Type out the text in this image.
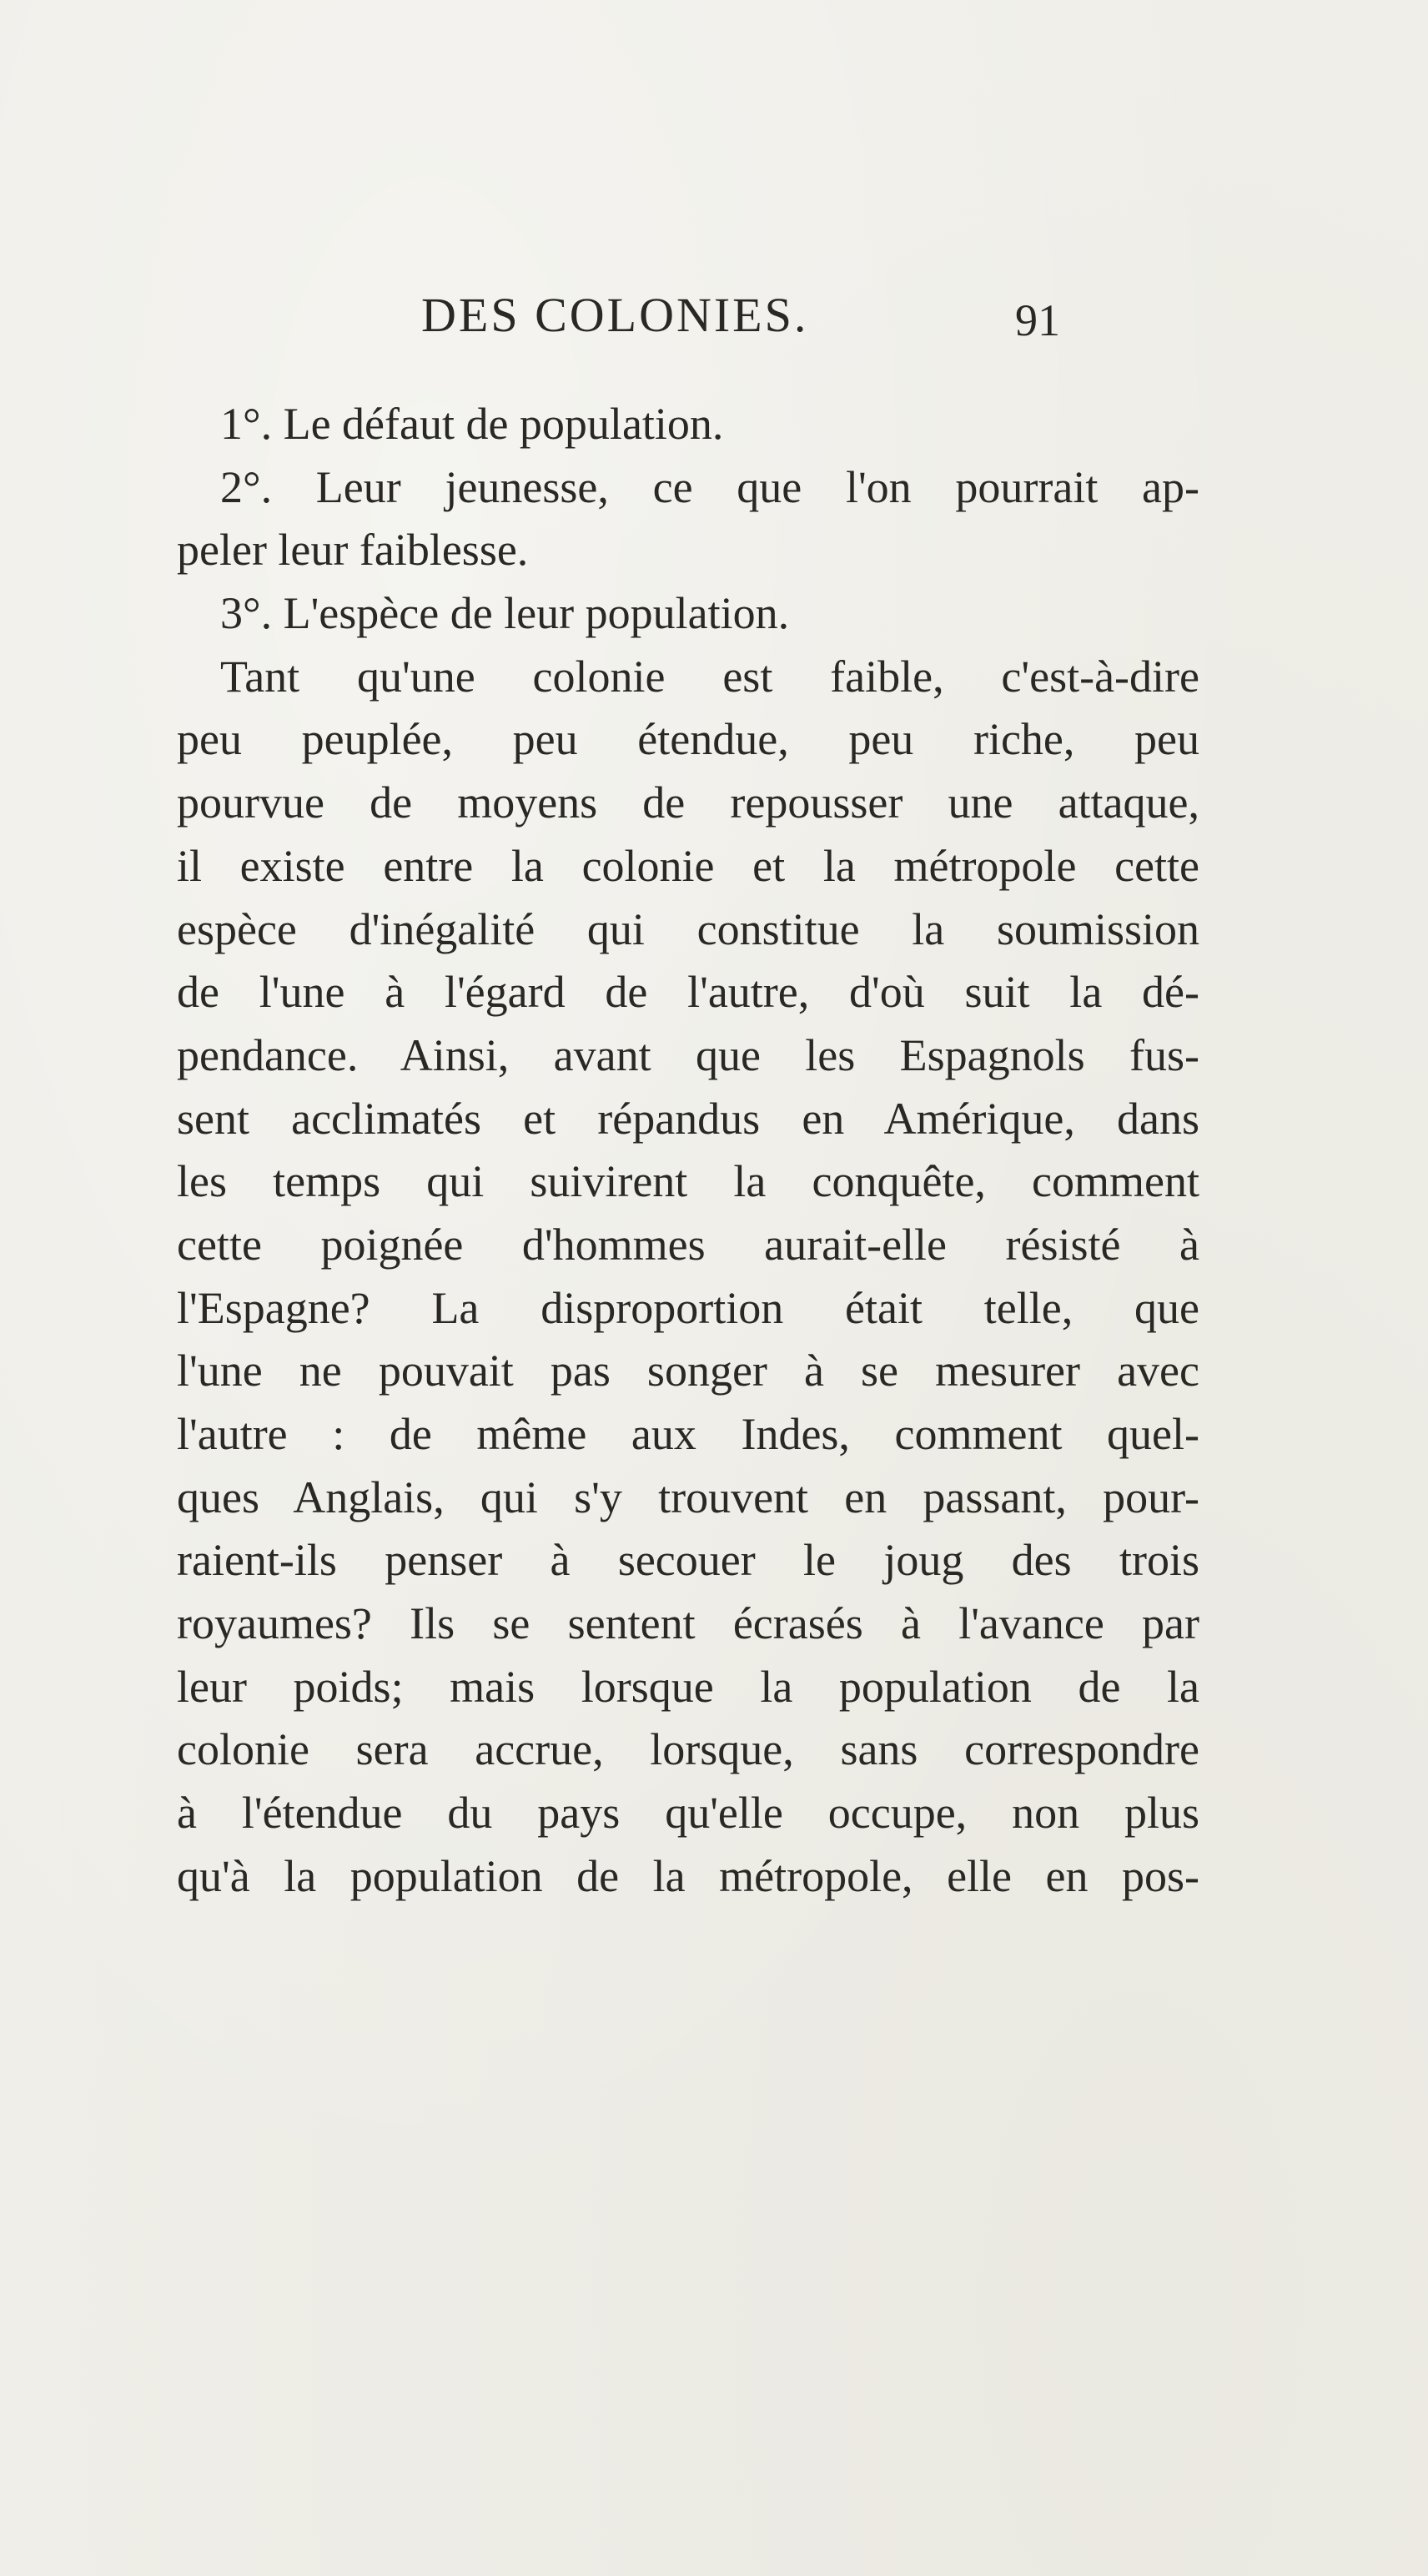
DES COLONIES.	91
1°. Le défaut de population.
2°. Leur jeunesse, ce que l'on pourrait ap-
peler leur faiblesse.
3°. L'espèce de leur population.
Tant qu'une colonie est faible, c'est-à-dire
peu peuplée, peu étendue, peu riche, peu
pourvue de moyens de repousser une attaque,
il existe entre la colonie et la métropole cette
espèce d'inégalité qui constitue la soumission
de l'une à l'égard de l'autre, d'où suit la dé-
pendance. Ainsi, avant que les Espagnols fus-
sent acclimatés et répandus en Amérique, dans
les temps qui suivirent la conquête, comment
cette poignée d'hommes aurait-elle résisté à
l'Espagne? La disproportion était telle, que
l'une ne pouvait pas songer à se mesurer avec
l'autre : de même aux Indes, comment quel-
ques Anglais, qui s'y trouvent en passant, pour-
raient-ils penser à secouer le joug des trois
royaumes? Ils se sentent écrasés à l'avance par
leur poids; mais lorsque la population de la
colonie sera accrue, lorsque, sans correspondre
à l'étendue du pays qu'elle occupe, non plus
qu'à la population de la métropole, elle en pos-
